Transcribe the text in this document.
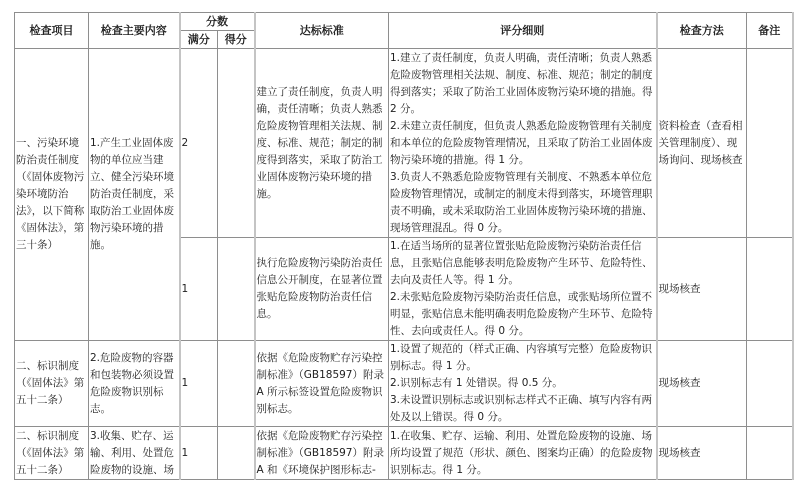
检查项目	检查主要内容	分数		达标标准	评分细则	检查方法	备注
		满分	得分				
一、污染环境防治责任制度（《固体废物污染环境防治法》，以下简称《固体法》，第三十条）	1.产生工业固体废物的单位应当建立、健全污染环境防治责任制度，采取防治工业固体废物污染环境的措施。	2		建立了责任制度，负责人明确，责任清晰；负责人熟悉危险废物管理相关法规、制度、标准、规范；制定的制度得到落实，采取了防治工业固体废物污染环境的措施。	1.建立了责任制度，负责人明确，责任清晰；负责人熟悉危险废物管理相关法规、制度、标准、规范；制定的制度得到落实；采取了防治工业固体废物污染环境的措施。得 2 分。
2.未建立责任制度，但负责人熟悉危险废物管理有关制度和本单位的危险废物管理情况，且采取了防治工业固体废物污染环境的措施。得 1 分。
3.负责人不熟悉危险废物管理有关制度、不熟悉本单位危险废物管理情况，或制定的制度未得到落实，环境管理职责不明确，或未采取防治工业固体废物污染环境的措施、现场管理混乱。得 0 分。	资料检查（查看相关管理制度）、现场询问、现场核查	
		1		执行危险废物污染防治责任信息公开制度，在显著位置张贴危险废物防治责任信息。	1.在适当场所的显著位置张贴危险废物污染防治责任信息，且张贴信息能够表明危险废物产生环节、危险特性、去向及责任人等。得 1 分。
2.未张贴危险废物污染防治责任信息，或张贴场所位置不明显，张贴信息未能明确表明危险废物产生环节、危险特性、去向或责任人。得 0 分。	现场核查	
二、标识制度（《固体法》第五十二条）	2.危险废物的容器和包装物必须设置危险废物识别标志。	1		依据《危险废物贮存污染控制标准》（GB18597）附录 A 所示标签设置危险废物识别标志。	1.设置了规范的（样式正确、内容填写完整）危险废物识别标志。得 1 分。
2.识别标志有 1 处错误。得 0.5 分。
3.未设置识别标志或识别标志样式不正确、填写内容有两处及以上错误。得 0 分。	现场核查	
二、标识制度（《固体法》第五十二条）	3.收集、贮存、运输、利用、处置危险废物的设施、场	1		依据《危险废物贮存污染控制标准》（GB18597）附录 A 和《环境保护图形标志-	1.在收集、贮存、运输、利用、处置危险废物的设施、场所均设置了规范（形状、颜色、图案均正确）的危险废物识别标志。得 1 分。	现场核查	
